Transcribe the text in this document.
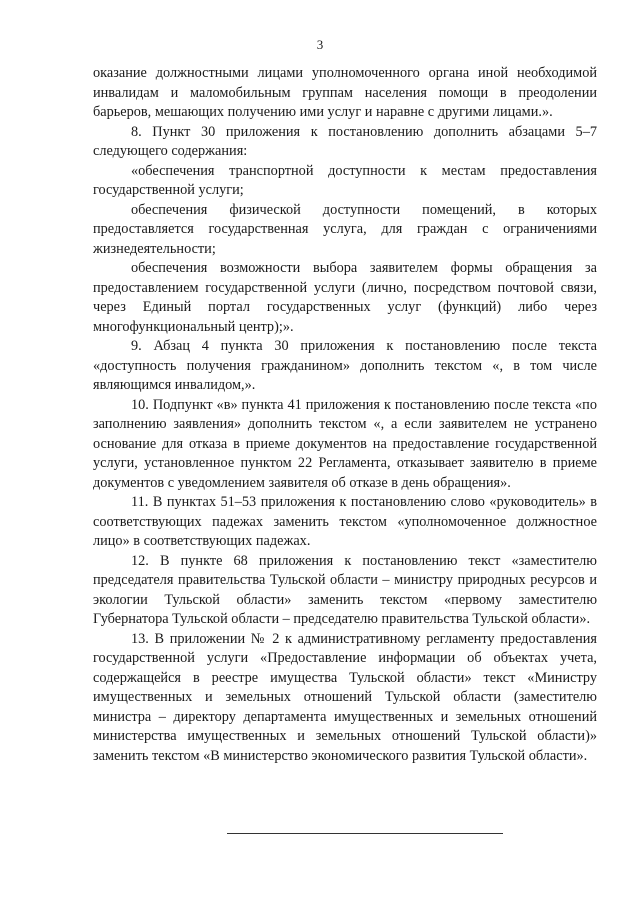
3

оказание должностными лицами уполномоченного органа иной необходимой инвалидам и маломобильным группам населения помощи в преодолении барьеров, мешающих получению ими услуг и наравне с другими лицами.».

8. Пункт 30 приложения к постановлению дополнить абзацами 5–7 следующего содержания:

«обеспечения транспортной доступности к местам предоставления государственной услуги;

обеспечения физической доступности помещений, в которых предоставляется государственная услуга, для граждан с ограничениями жизнедеятельности;

обеспечения возможности выбора заявителем формы обращения за предоставлением государственной услуги (лично, посредством почтовой связи, через Единый портал государственных услуг (функций) либо через многофункциональный центр);».

9. Абзац 4 пункта 30 приложения к постановлению после текста «доступность получения гражданином» дополнить текстом «, в том числе являющимся инвалидом,».

10. Подпункт «в» пункта 41 приложения к постановлению после текста «по заполнению заявления» дополнить текстом «, а если заявителем не устранено основание для отказа в приеме документов на предоставление государственной услуги, установленное пунктом 22 Регламента, отказывает заявителю в приеме документов с уведомлением заявителя об отказе в день обращения».

11. В пунктах 51–53 приложения к постановлению слово «руководитель» в соответствующих падежах заменить текстом «уполномоченное должностное лицо» в соответствующих падежах.

12. В пункте 68 приложения к постановлению текст «заместителю председателя правительства Тульской области – министру природных ресурсов и экологии Тульской области» заменить текстом «первому заместителю Губернатора Тульской области – председателю правительства Тульской области».

13. В приложении № 2 к административному регламенту предоставления государственной услуги «Предоставление информации об объектах учета, содержащейся в реестре имущества Тульской области» текст «Министру имущественных и земельных отношений Тульской области (заместителю министра – директору департамента имущественных и земельных отношений министерства имущественных и земельных отношений Тульской области)» заменить текстом «В министерство экономического развития Тульской области».
